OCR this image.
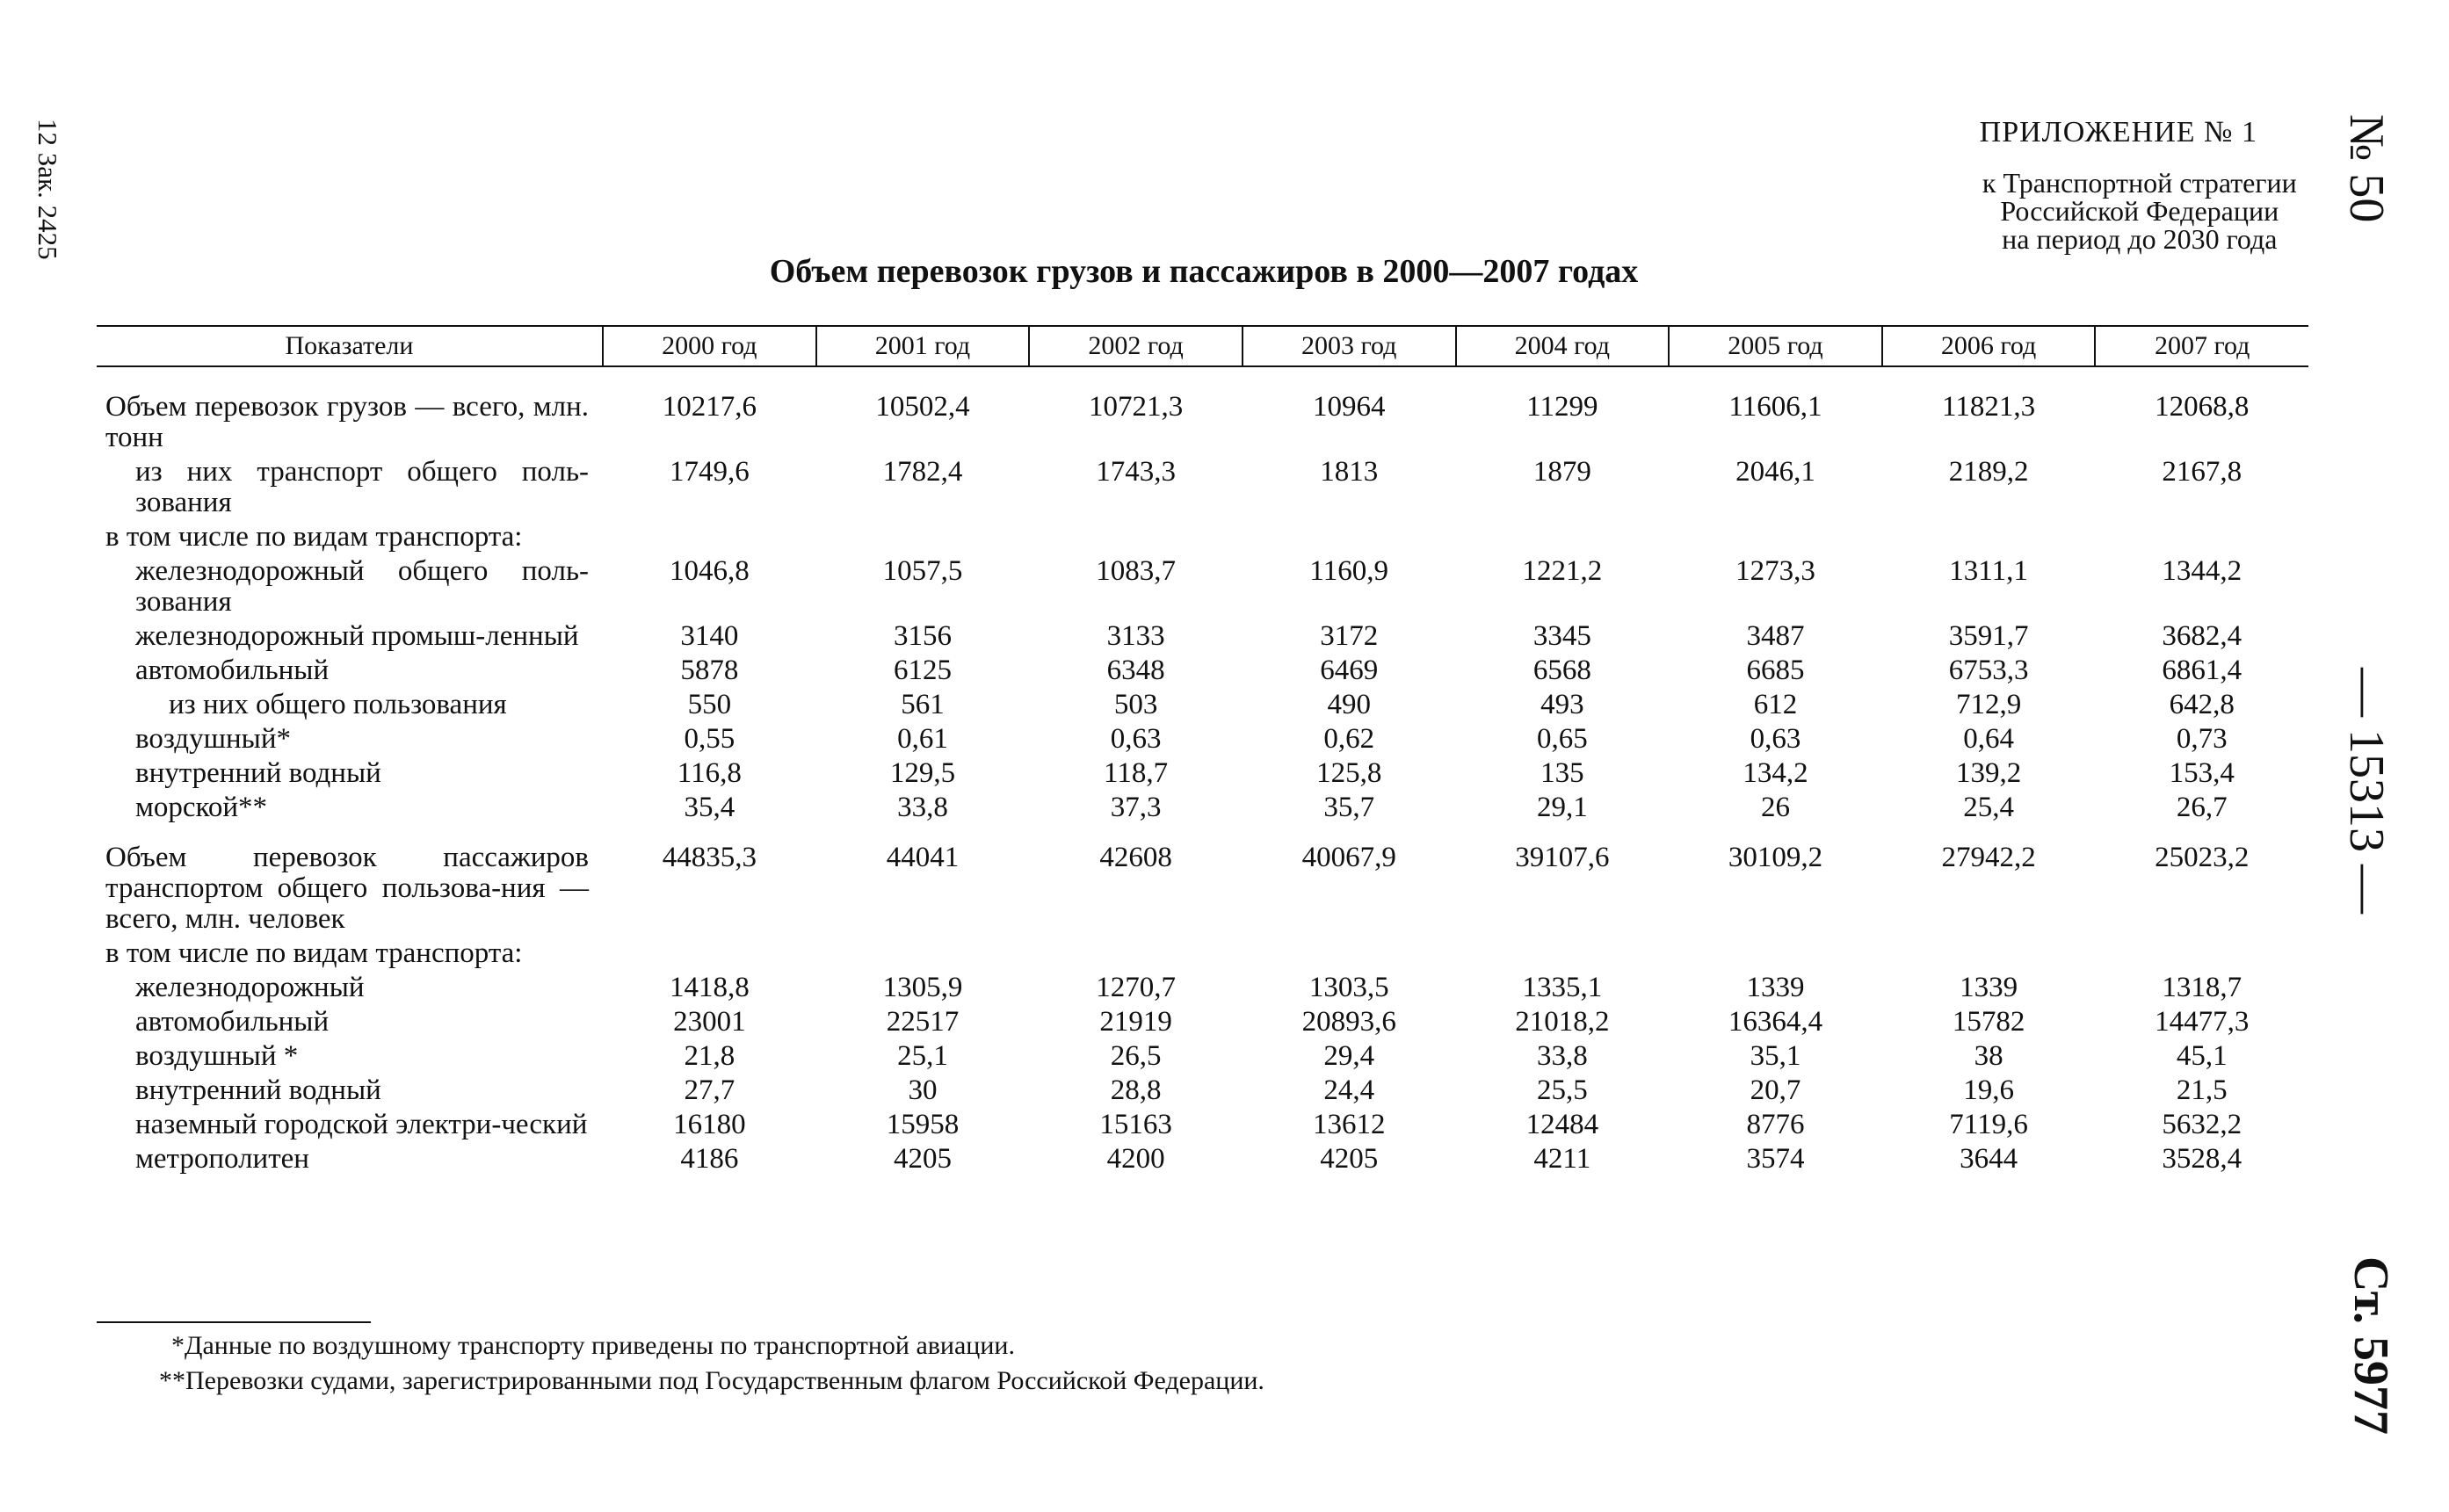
12 Зак. 2425	№ 50
— 15313 —
Ст. 5977
ПРИЛОЖЕНИЕ № 1
к Транспортной стратегии
Российской Федерации
на период до 2030 года
Объем перевозок грузов и пассажиров в 2000—2007 годах
Показатели	2000 год	2001 год	2002 год	2003 год	2004 год	2005 год	2006 год	2007 год
Объем перевозок грузов — всего, млн. тонн	10217,6	10502,4	10721,3	10964	11299	11606,1	11821,3	12068,8
из них транспорт общего поль-зования	1749,6	1782,4	1743,3	1813	1879	2046,1	2189,2	2167,8
в том числе по видам транспорта:								
железнодорожный общего поль-зования	1046,8	1057,5	1083,7	1160,9	1221,2	1273,3	1311,1	1344,2
железнодорожный промыш-ленный	3140	3156	3133	3172	3345	3487	3591,7	3682,4
автомобильный	5878	6125	6348	6469	6568	6685	6753,3	6861,4
из них общего пользования	550	561	503	490	493	612	712,9	642,8
воздушный*	0,55	0,61	0,63	0,62	0,65	0,63	0,64	0,73
внутренний водный	116,8	129,5	118,7	125,8	135	134,2	139,2	153,4
морской**	35,4	33,8	37,3	35,7	29,1	26	25,4	26,7
Объем перевозок пассажиров транспортом общего пользова-ния — всего, млн. человек	44835,3	44041	42608	40067,9	39107,6	30109,2	27942,2	25023,2
в том числе по видам транспорта:								
железнодорожный	1418,8	1305,9	1270,7	1303,5	1335,1	1339	1339	1318,7
автомобильный	23001	22517	21919	20893,6	21018,2	16364,4	15782	14477,3
воздушный *	21,8	25,1	26,5	29,4	33,8	35,1	38	45,1
внутренний водный	27,7	30	28,8	24,4	25,5	20,7	19,6	21,5
наземный городской электри-ческий	16180	15958	15163	13612	12484	8776	7119,6	5632,2
метрополитен	4186	4205	4200	4205	4211	3574	3644	3528,4
*Данные по воздушному транспорту приведены по транспортной авиации.
**Перевозки судами, зарегистрированными под Государственным флагом Российской Федерации.
